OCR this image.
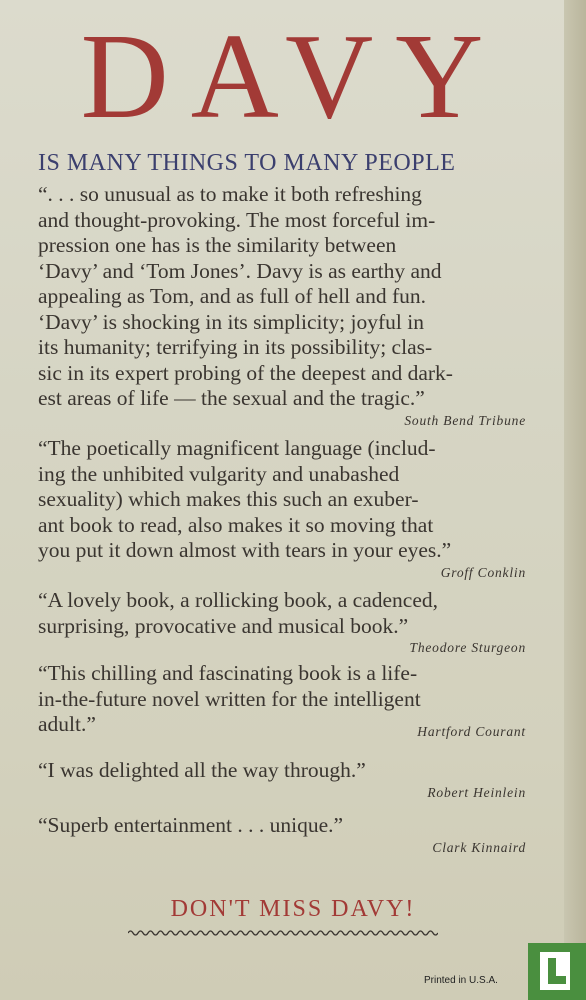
DAVY
IS MANY THINGS TO MANY PEOPLE

“. . . so unusual as to make it both refreshing
and thought-provoking. The most forceful im-
pression one has is the similarity between
‘Davy’ and ‘Tom Jones’. Davy is as earthy and
appealing as Tom, and as full of hell and fun.
‘Davy’ is shocking in its simplicity; joyful in
its humanity; terrifying in its possibility; clas-
sic in its expert probing of the deepest and dark-
est areas of life — the sexual and the tragic.”

South Bend Tribune

“The poetically magnificent language (includ-
ing the unhibited vulgarity and unabashed
sexuality) which makes this such an exuber-
ant book to read, also makes it so moving that
you put it down almost with tears in your eyes.”

Groff Conklin

“A lovely book, a rollicking book, a cadenced,
surprising, provocative and musical book.”

Theodore Sturgeon

“This chilling and fascinating book is a life-
in-the-future novel written for the intelligent
adult.”	Hartford Courant

“I was delighted all the way through.”

Robert Heinlein

“Superb entertainment . . . unique.”

Clark Kinnaird
DON'T MISS DAVY!
Printed in U.S.A.
